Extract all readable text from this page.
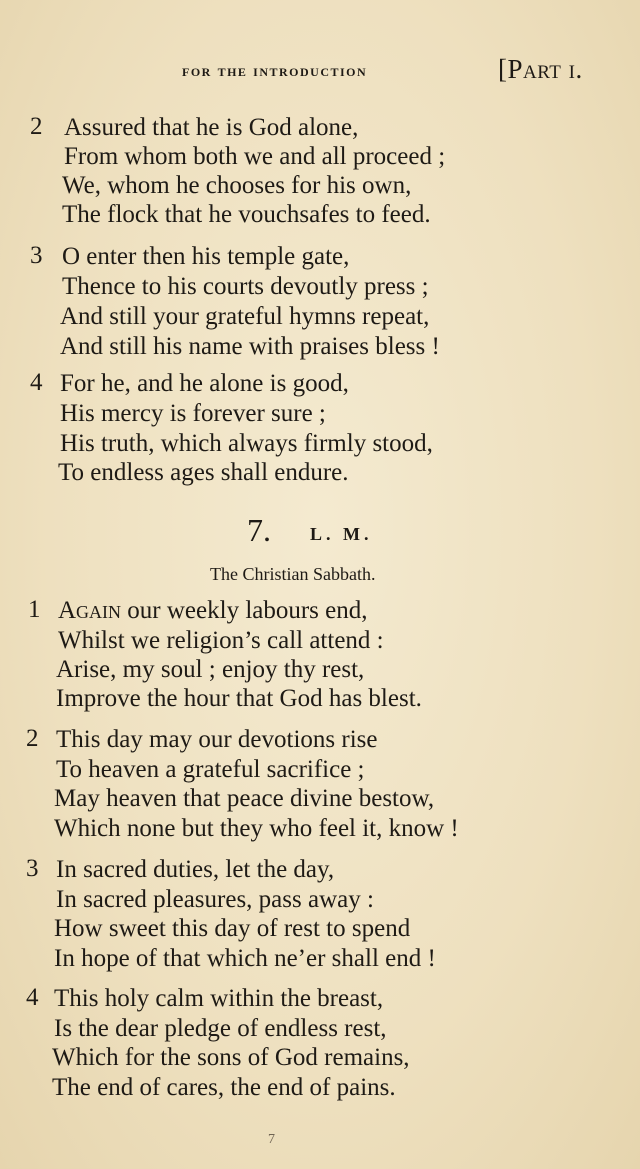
for the introduction	[Part i.
2 Assured that he is God alone,
From whom both we and all proceed ;
We, whom he chooses for his own,
The flock that he vouchsafes to feed.
3 O enter then his temple gate,
Thence to his courts devoutly press ;
And still your grateful hymns repeat,
And still his name with praises bless !
4 For he, and he alone is good,
His mercy is forever sure ;
His truth, which always firmly stood,
To endless ages shall endure.
7. L. M.
The Christian Sabbath.
1 Again our weekly labours end,
Whilst we religion’s call attend :
Arise, my soul ; enjoy thy rest,
Improve the hour that God has blest.
2 This day may our devotions rise
To heaven a grateful sacrifice ;
May heaven that peace divine bestow,
Which none but they who feel it, know !
3 In sacred duties, let the day,
In sacred pleasures, pass away :
How sweet this day of rest to spend
In hope of that which ne’er shall end !
4 This holy calm within the breast,
Is the dear pledge of endless rest,
Which for the sons of God remains,
The end of cares, the end of pains.
7
